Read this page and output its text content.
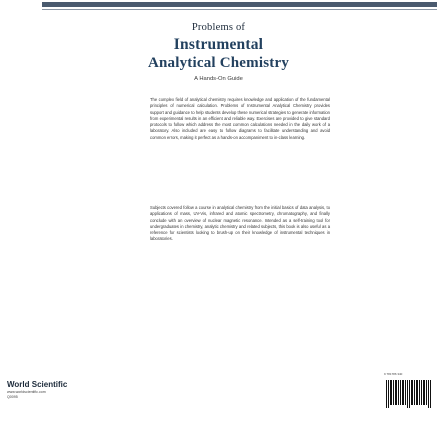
Problems of
Instrumental
Analytical Chemistry
A Hands-On Guide

The complex field of analytical chemistry requires knowledge and application of the fundamental principles of numerical calculation. Problems of Instrumental Analytical Chemistry provides support and guidance to help students develop these numerical strategies to generate information from experimental results in an efficient and reliable way. Exercises are provided to give standard protocols to follow which address the most common calculations needed in the daily work of a laboratory. Also included are easy to follow diagrams to facilitate understanding and avoid common errors, making it perfect as a hands-on accompaniment to in-class learning.

Subjects covered follow a course in analytical chemistry from the initial basics of data analysis, to applications of mass, UV-Vis, infrared and atomic spectrometry, chromatography, and finally conclude with an overview of nuclear magnetic resonance. Intended as a self-training tool for undergraduates in chemistry, analytic chemistry and related subjects, this book is also useful as a reference for scientists looking to brush-up on their knowledge of instrumental techniques in laboratories.

World Scientific

www.worldscientific.com

Q0095

9 781786 340
